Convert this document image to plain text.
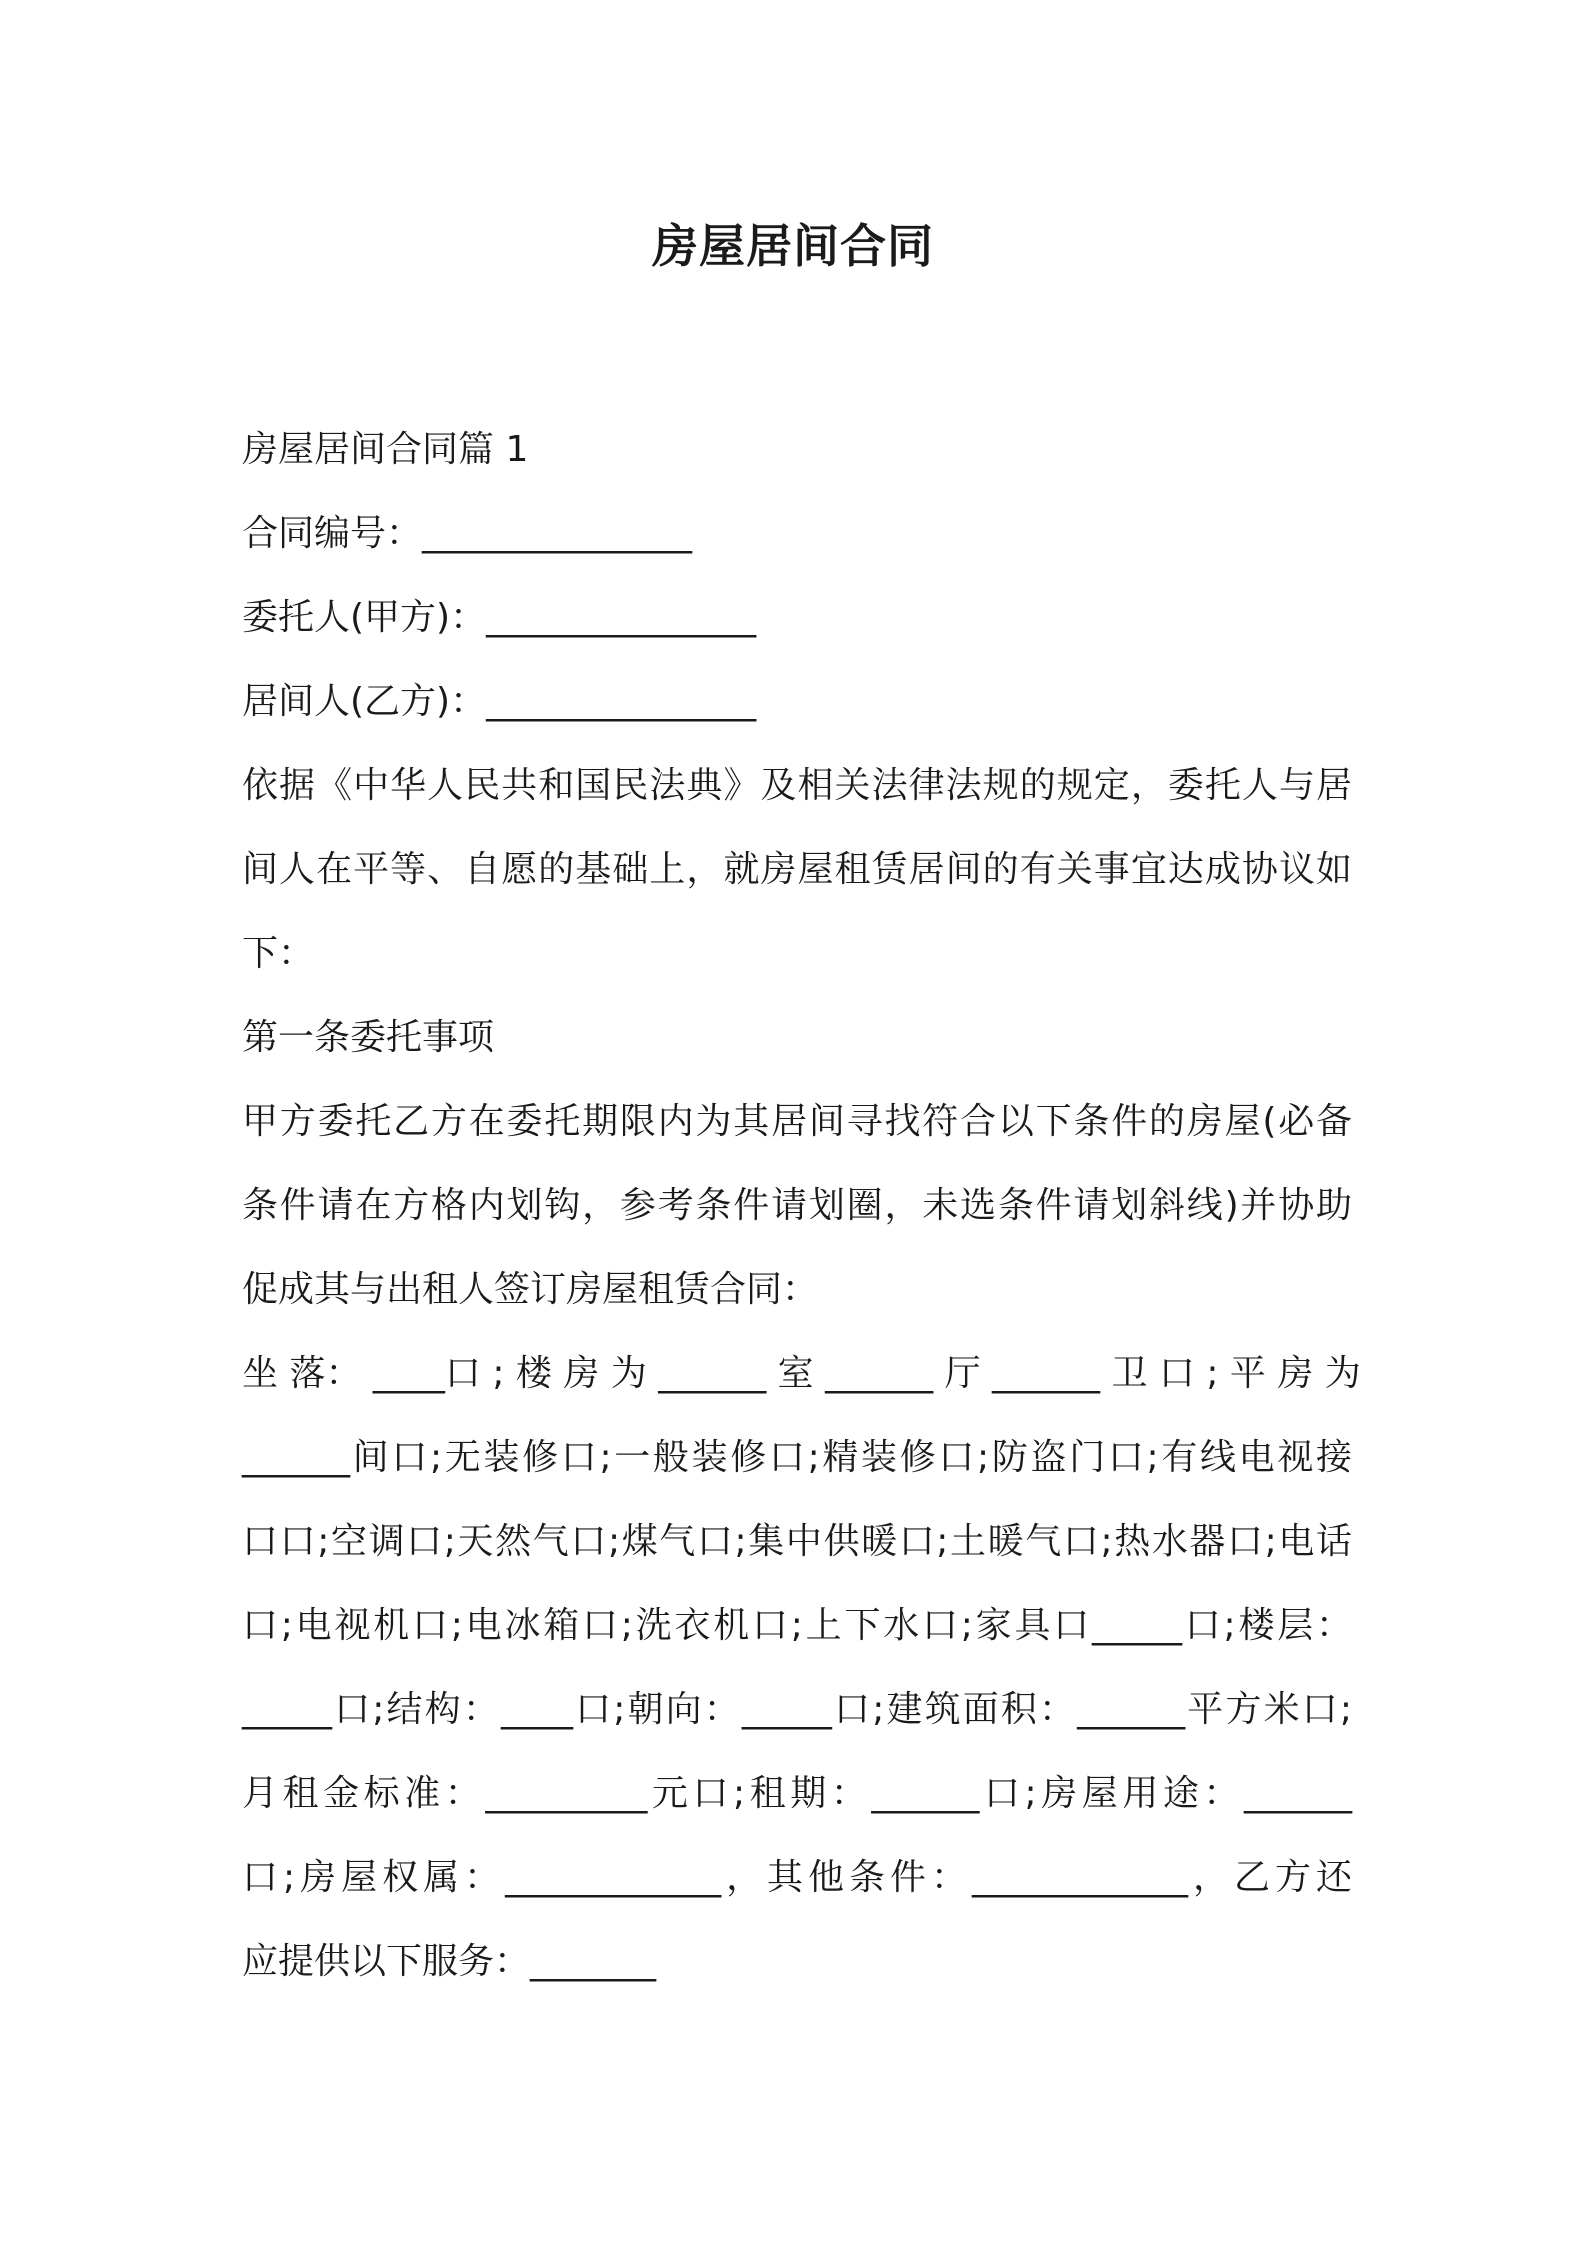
房屋居间合同

房屋居间合同篇 1

合同编号：_______________

委托人(甲方)：_______________

居间人(乙方)：_______________

依据《中华人民共和国民法典》及相关法律法规的规定，委托人与居

间人在平等、自愿的基础上，就房屋租赁居间的有关事宜达成协议如

下：

第一条委托事项

甲方委托乙方在委托期限内为其居间寻找符合以下条件的房屋(必备

条件请在方格内划钩，参考条件请划圈，未选条件请划斜线)并协助

促成其与出租人签订房屋租赁合同：

坐 落： ____口 ; 楼 房 为 ______ 室 ______ 厅 ______ 卫 口 ; 平 房 为

______间口;无装修口;一般装修口;精装修口;防盗门口;有线电视接

口口;空调口;天然气口;煤气口;集中供暖口;土暖气口;热水器口;电话

口;电视机口;电冰箱口;洗衣机口;上下水口;家具口_____口;楼层：

_____口;结构：____口;朝向：_____口;建筑面积：______平方米口;

月租金标准：_________元口;租期：______口;房屋用途：______

口;房屋权属：____________，其他条件：____________，乙方还

应提供以下服务：_______
